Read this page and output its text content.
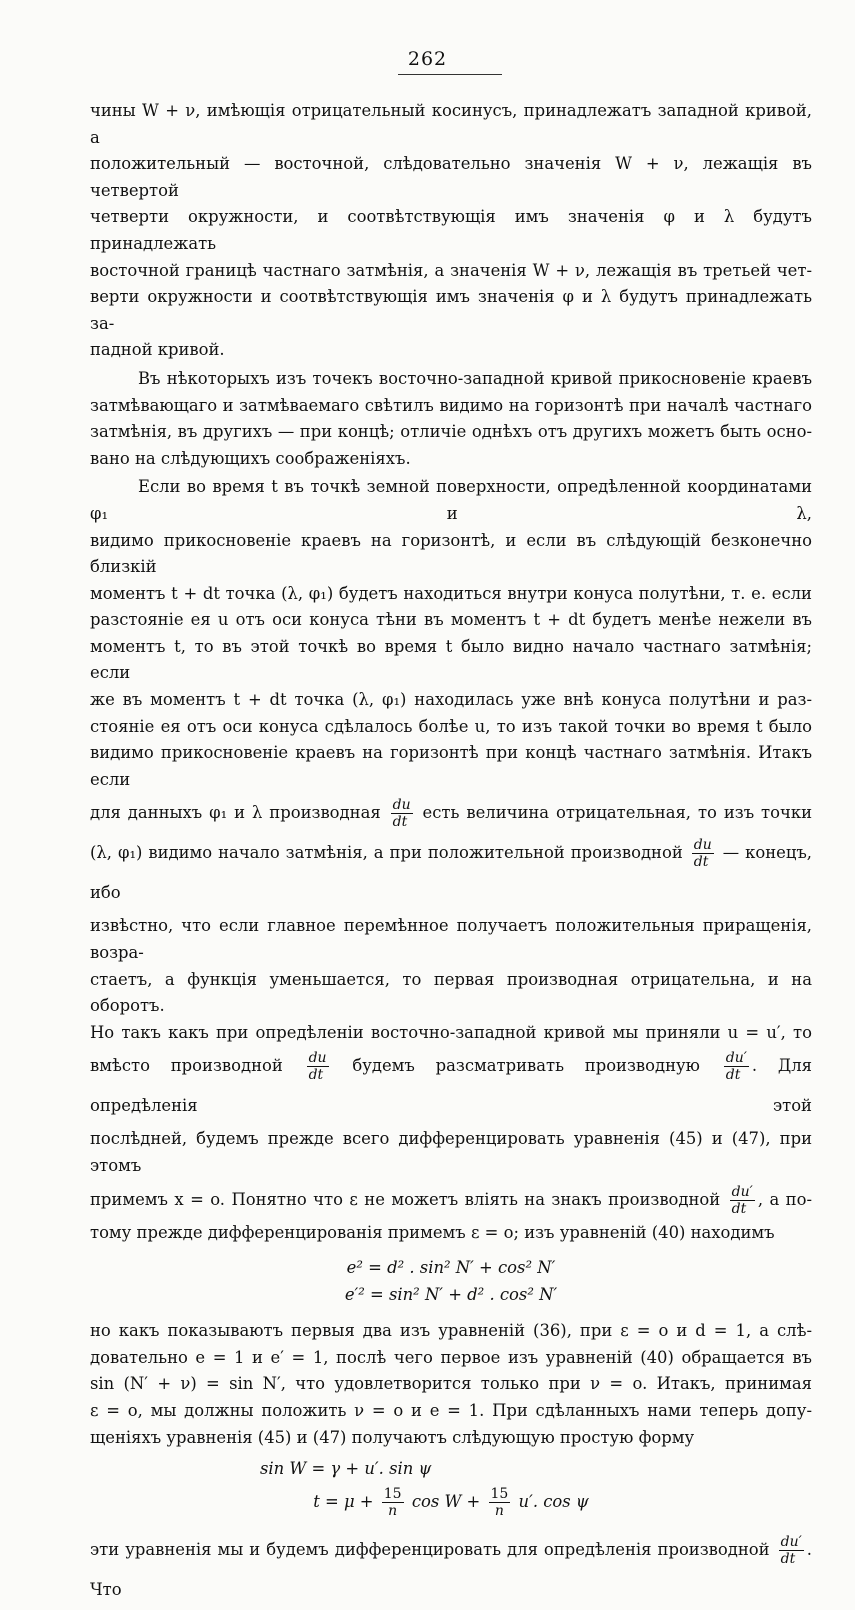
262

чины W + ν, имѣющія отрицательный косинусъ, принадлежатъ западной кривой, а
положительный — восточной, слѣдовательно значенія W + ν, лежащія въ четвертой
четверти окружности, и соотвѣтствующія имъ значенія φ и λ будутъ принадлежать
восточной границѣ частнаго затмѣнія, а значенія W + ν, лежащія въ третьей чет-
верти окружности и соотвѣтствующія имъ значенія φ и λ будутъ принадлежать за-
падной кривой.

Въ нѣкоторыхъ изъ точекъ восточно-западной кривой прикосновеніе краевъ
затмѣвающаго и затмѣваемаго свѣтилъ видимо на горизонтѣ при началѣ частнаго
затмѣнія, въ другихъ — при концѣ; отличіе однѣхъ отъ другихъ можетъ быть осно-
вано на слѣдующихъ соображеніяхъ.

Если во время t въ точкѣ земной поверхности, опредѣленной координатами φ₁ и λ,
видимо прикосновеніе краевъ на горизонтѣ, и если въ слѣдующій безконечно близкій
моментъ t + dt точка (λ, φ₁) будетъ находиться внутри конуса полутѣни, т. е. если
разстояніе ея u отъ оси конуса тѣни въ моментъ t + dt будетъ менѣе нежели въ
моментъ t, то въ этой точкѣ во время t было видно начало частнаго затмѣнія; если
же въ моментъ t + dt точка (λ, φ₁) находилась уже внѣ конуса полутѣни и раз-
стояніе ея отъ оси конуса сдѣлалось болѣе u, то изъ такой точки во время t было
видимо прикосновеніе краевъ на горизонтѣ при концѣ частнаго затмѣнія. Итакъ если
для данныхъ φ₁ и λ производная $\frac{du}{dt}$ есть величина отрицательная, то изъ точки
(λ, φ₁) видимо начало затмѣнія, а при положительной производной $\frac{du}{dt}$ — конецъ, ибо
извѣстно, что если главное перемѣнное получаетъ положительныя приращенія, возра-
стаетъ, а функція уменьшается, то первая производная отрицательна, и на оборотъ.
Но такъ какъ при опредѣленіи восточно-западной кривой мы приняли u = u′, то
вмѣсто производной $\frac{du}{dt}$ будемъ разсматривать производную $\frac{du'}{dt}$ . Для опредѣленія этой
послѣдней, будемъ прежде всего дифференцировать уравненія (45) и (47), при этомъ
примемъ x = o. Понятно что ε не можетъ вліять на знакъ производной $\frac{du'}{dt}$ , а по-
тому прежде дифференцированія примемъ ε = o; изъ уравненій (40) находимъ

e² = d² . sin² N′ + cos² N′
e′² = sin² N′ + d² . cos² N′

но какъ показываютъ первыя два изъ уравненій (36), при ε = o и d = 1, а слѣ-
довательно e = 1 и e′ = 1, послѣ чего первое изъ уравненій (40) обращается въ
sin (N′ + ν) = sin N′, что удовлетворится только при ν = o. Итакъ, принимая
ε = o, мы должны положить ν = o и e = 1. При сдѣланныхъ нами теперь допу-
щеніяхъ уравненія (45) и (47) получаютъ слѣдующую простую форму

sin W = γ + u′. sin ψ
$t = \mu + \frac{15}{n}$ $\cos W + \frac{15}{n} u'$. cos ψ

эти уравненія мы и будемъ дифференцировать для опредѣленія производной $\frac{du'}{dt}$ . Что
